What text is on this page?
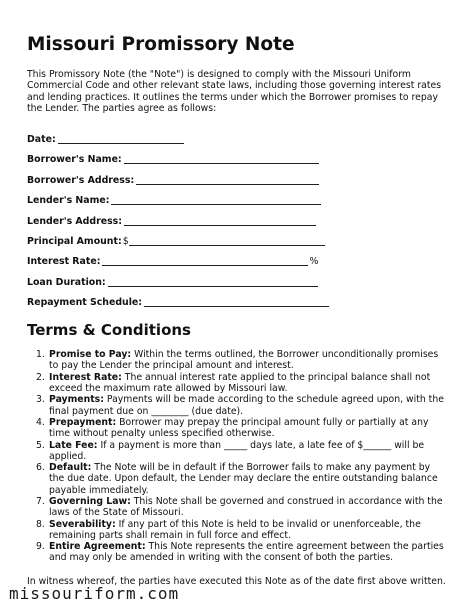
Missouri Promissory Note
This Promissory Note (the "Note") is designed to comply with the Missouri Uniform Commercial Code and other relevant state laws, including those governing interest rates and lending practices. It outlines the terms under which the Borrower promises to repay the Lender. The parties agree as follows:
Date:
Borrower's Name:
Borrower's Address:
Lender's Name:
Lender's Address:
Principal Amount: $
Interest Rate:	%
Loan Duration:
Repayment Schedule:
Terms & Conditions
1. Promise to Pay: Within the terms outlined, the Borrower unconditionally promises to pay the Lender the principal amount and interest.
2. Interest Rate: The annual interest rate applied to the principal balance shall not exceed the maximum rate allowed by Missouri law.
3. Payments: Payments will be made according to the schedule agreed upon, with the final payment due on ________ (due date).
4. Prepayment: Borrower may prepay the principal amount fully or partially at any time without penalty unless specified otherwise.
5. Late Fee: If a payment is more than _____ days late, a late fee of $______ will be applied.
6. Default: The Note will be in default if the Borrower fails to make any payment by the due date. Upon default, the Lender may declare the entire outstanding balance payable immediately.
7. Governing Law: This Note shall be governed and construed in accordance with the laws of the State of Missouri.
8. Severability: If any part of this Note is held to be invalid or unenforceable, the remaining parts shall remain in full force and effect.
9. Entire Agreement: This Note represents the entire agreement between the parties and may only be amended in writing with the consent of both the parties.
In witness whereof, the parties have executed this Note as of the date first above written.
missouriform.com
